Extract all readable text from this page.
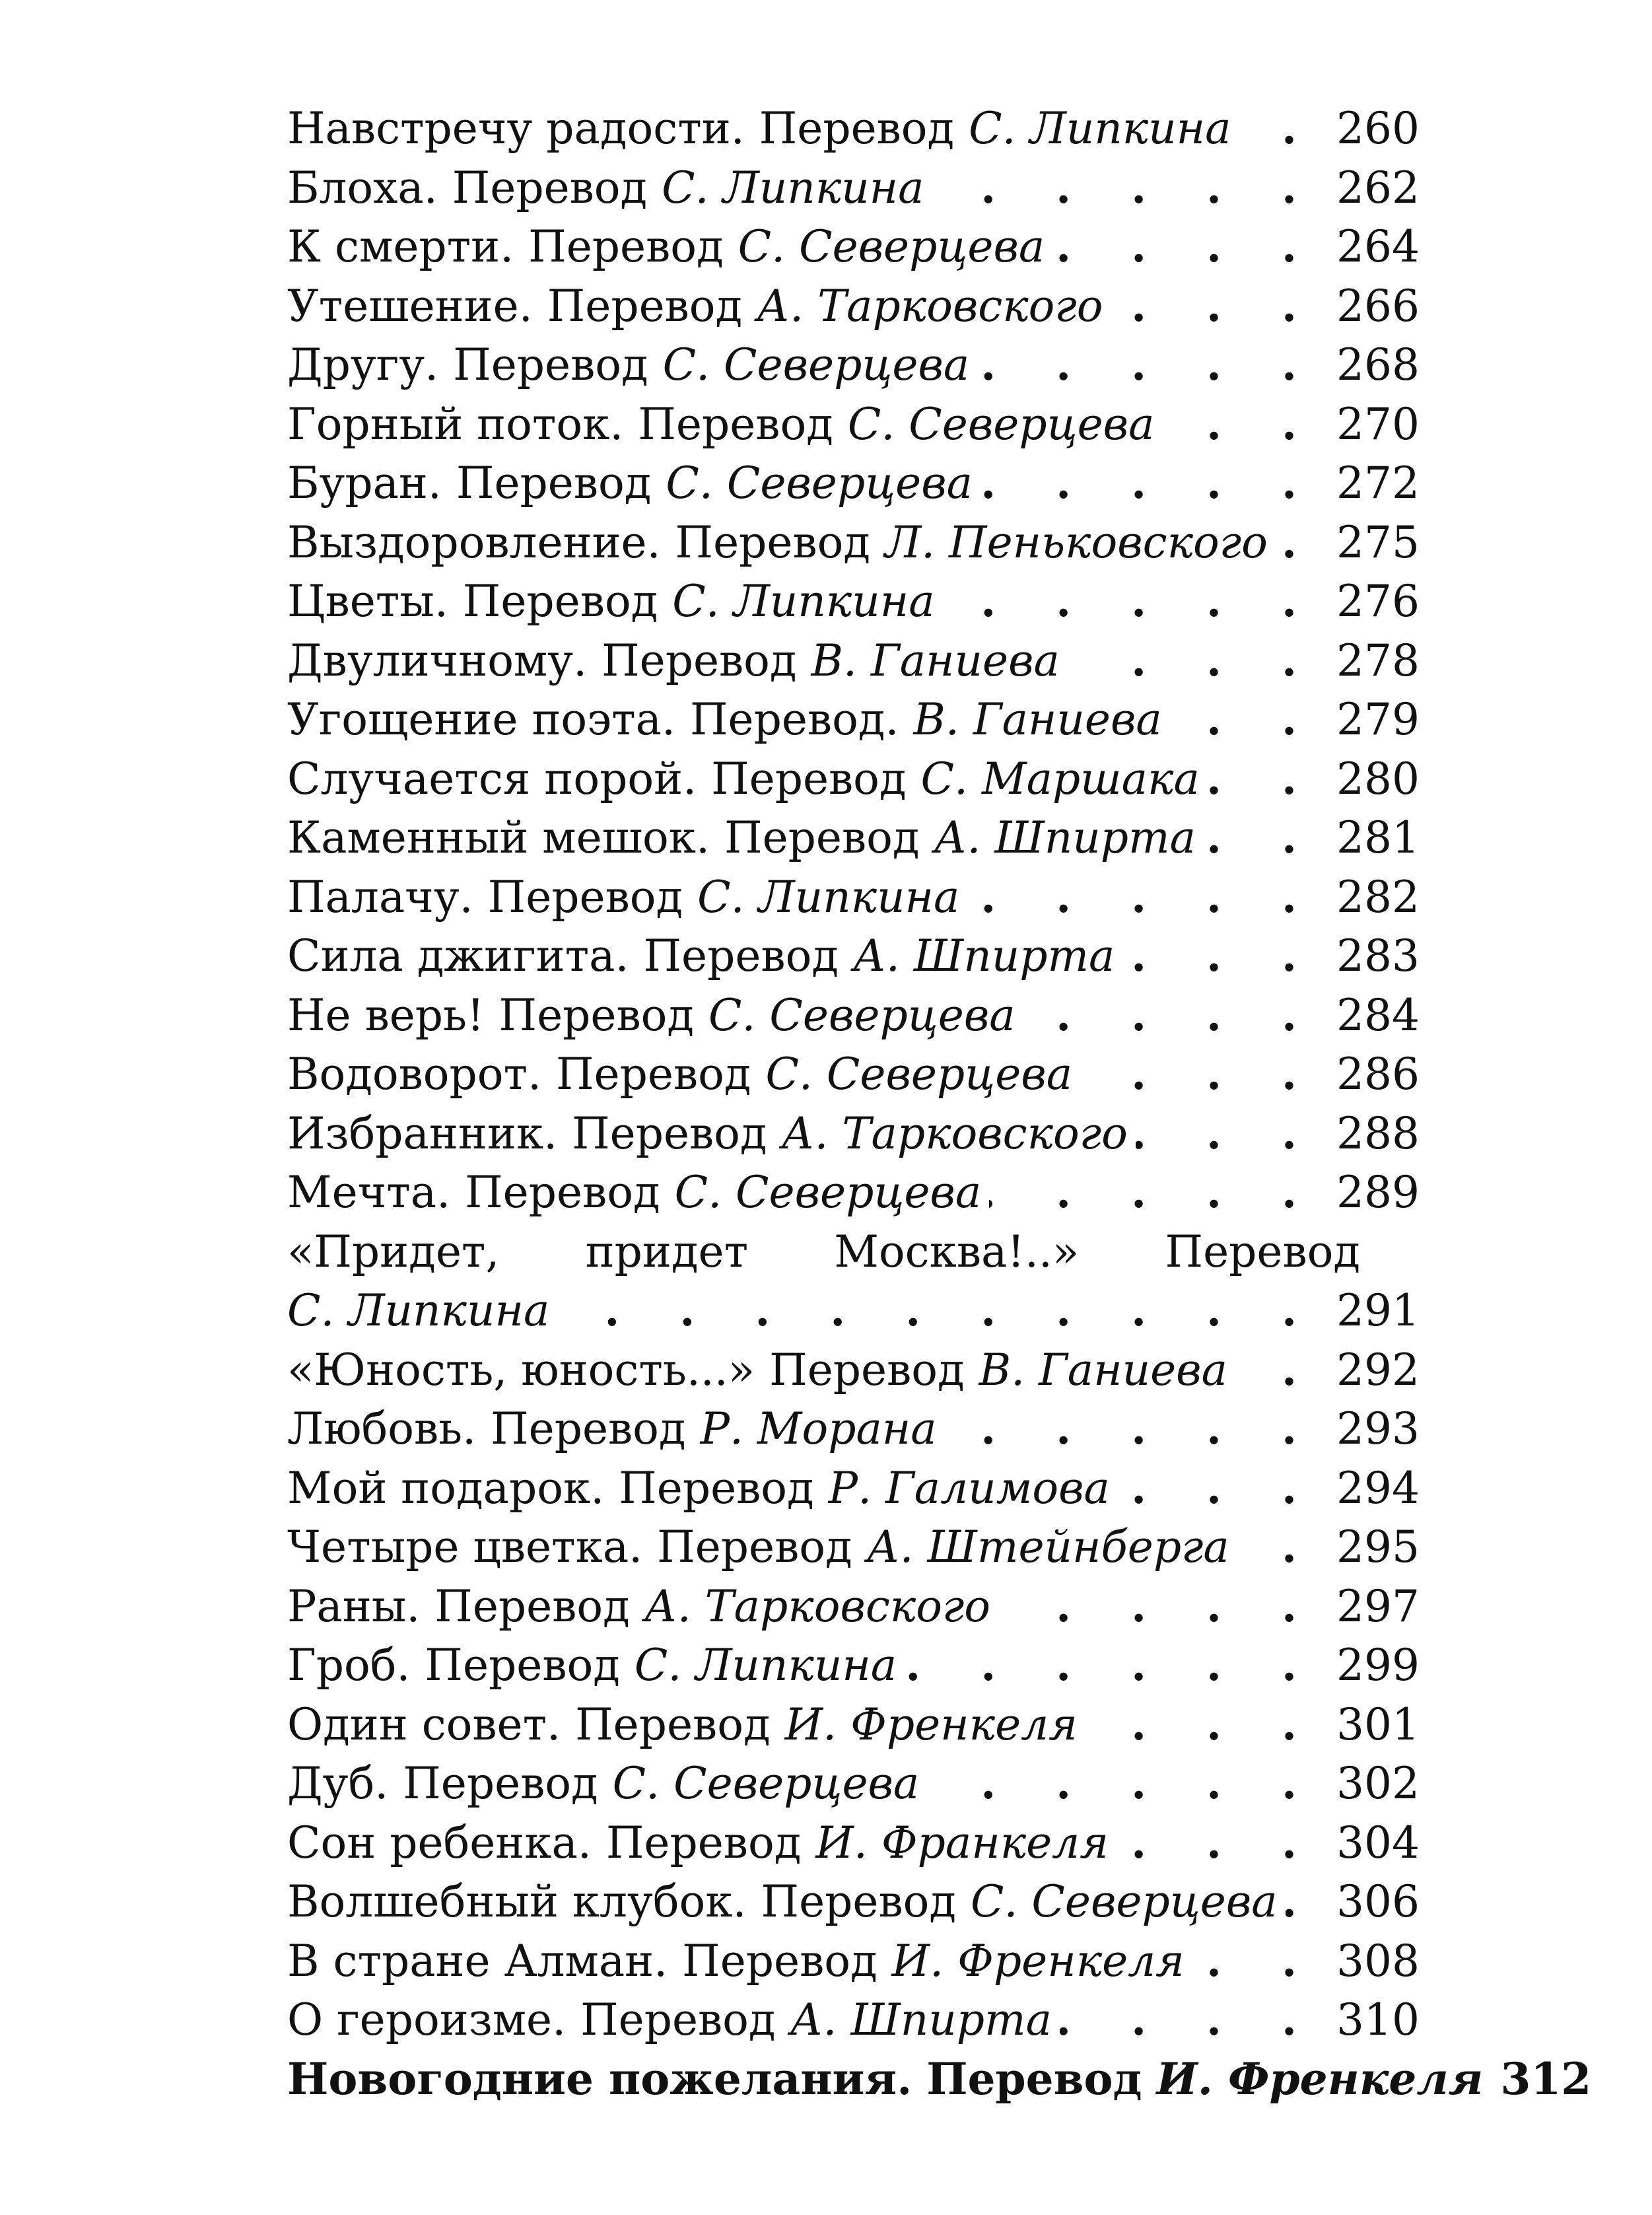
Навстречу радости. Перевод С. Липкина . . . 260
Блоха. Перевод С. Липкина . . .	262
К смерти. Перевод С. Северцева . . .	264
Утешение. Перевод А. Тарковского . . .	266
Другу. Перевод С. Северцева . . .	268
Горный поток. Перевод С. Северцева . . .	270
Буран. Перевод С. Северцева . . .	272
Выздоровление. Перевод Л. Пеньковского . . . 275
Цветы. Перевод С. Липкина . . .	276
Двуличному. Перевод В. Ганиева . . .	278
Угощение поэта. Перевод. В. Ганиева . . .	279
Случается порой. Перевод С. Маршака . . .	280
Каменный мешок. Перевод А. Шпирта . . .	281
Палачу. Перевод С. Липкина . . .	282
Сила джигита. Перевод А. Шпирта . . .	283
Не верь! Перевод С. Северцева . . .	284
Водоворот. Перевод С. Северцева . . .	286
Избранник. Перевод А. Тарковского . . .	288
Мечта. Перевод С. Северцева . . .	289
«Придет, придет Москва!..» Перевод
С. Липкина . . .	291
«Юность, юность...» Перевод В. Ганиева . . .	292
Любовь. Перевод Р. Морана . . .	293
Мой подарок. Перевод Р. Галимова . . .	294
Четыре цветка. Перевод А. Штейнберга . . . 295
Раны. Перевод А. Тарковского . . .	297
Гроб. Перевод С. Липкина . . .	299
Один совет. Перевод И. Френкеля . . .	301
Дуб. Перевод С. Северцева . . .	302
Сон ребенка. Перевод И. Франкеля . . .	304
Волшебный клубок. Перевод С. Северцева . . . 306
В стране Алман. Перевод И. Френкеля . . .	308
О героизме. Перевод А. Шпирта . . .	310
Новогодние пожелания. Перевод И. Френкеля 312
